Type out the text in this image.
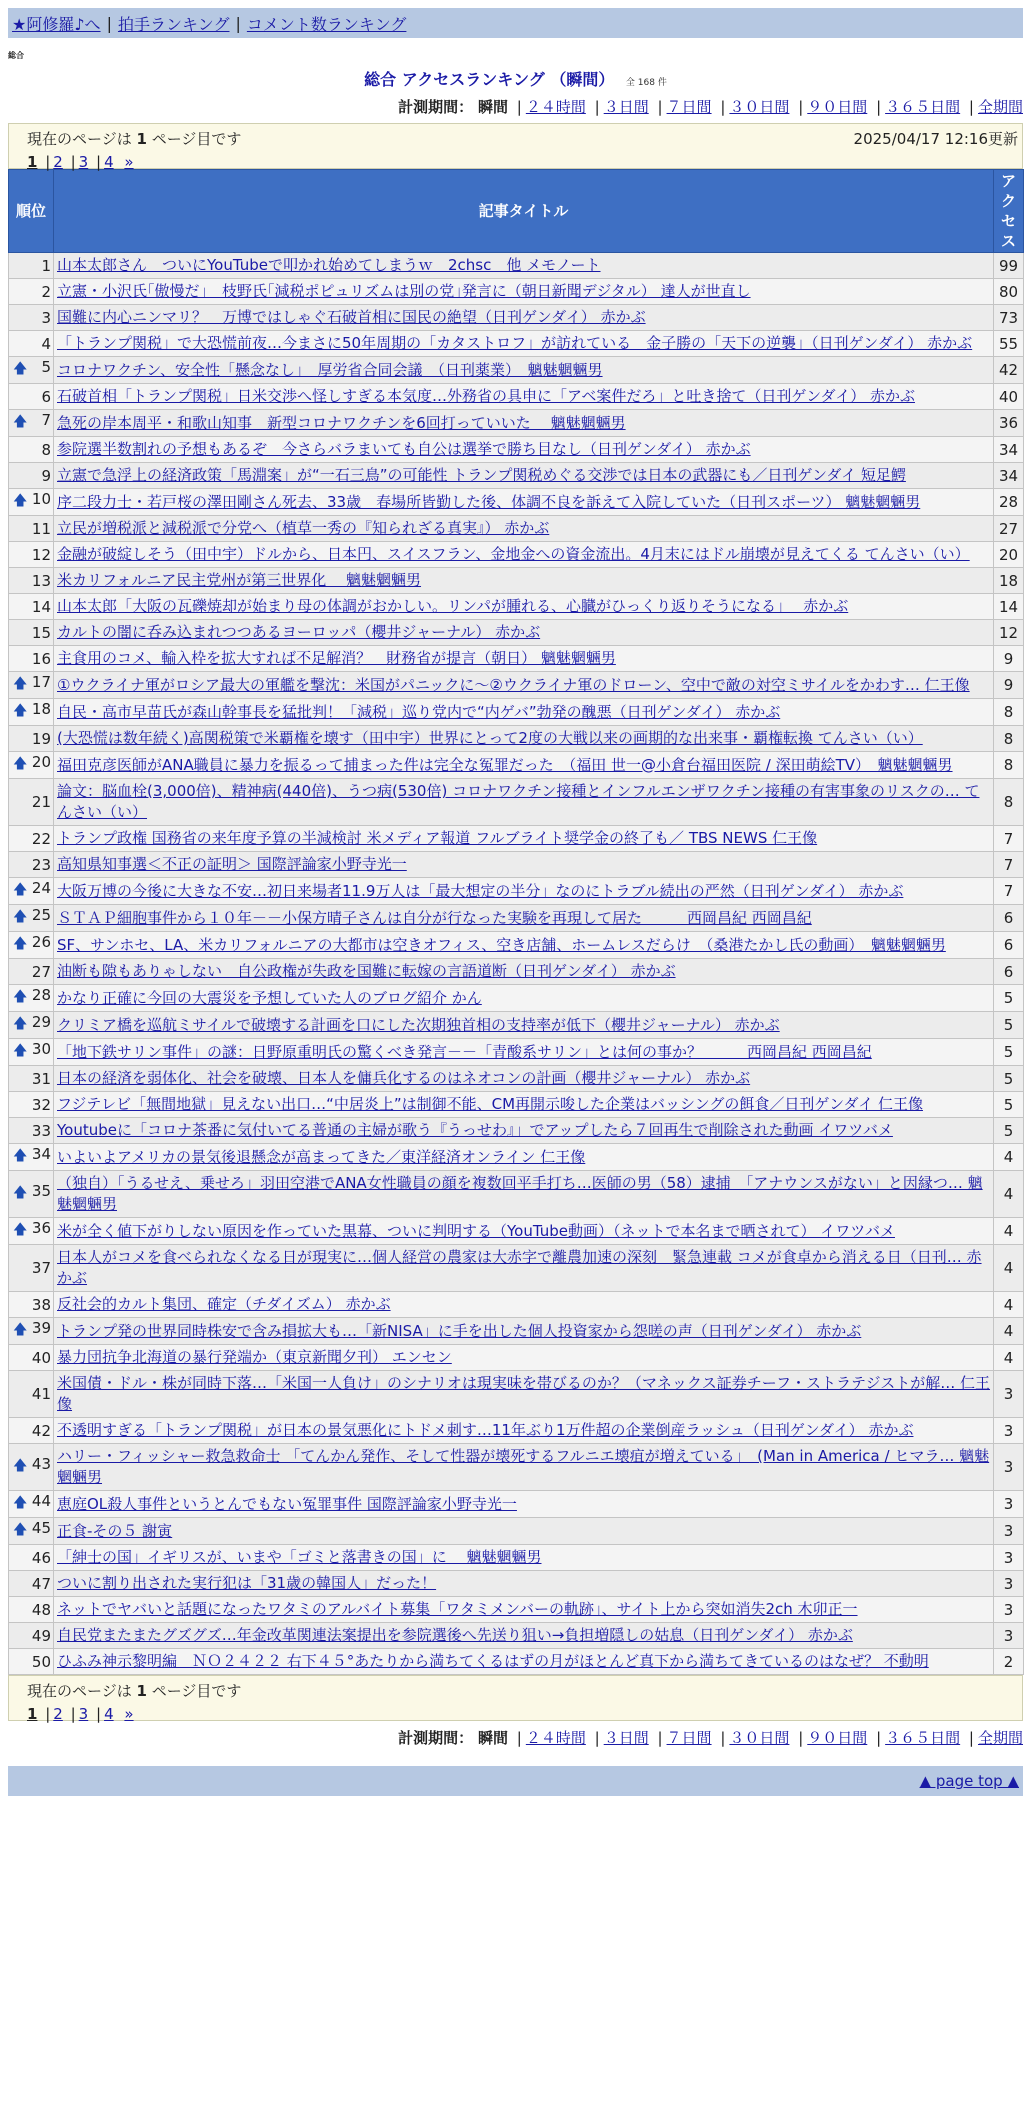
★阿修羅♪へ | 拍手ランキング | コメント数ランキング
総合
総合 アクセスランキング （瞬間） 全 168 件
計測期間： 瞬間 | ２４時間 | ３日間 | ７日間 | ３０日間 | ９０日間 | ３６５日間 | 全期間
現在のページは 1 ページ目です	2025/04/17 12:16更新
1 | 2 | 3 | 4 »
順位	記事タイトル	アクセス
1	山本太郎さん　ついにYouTubeで叩かれ始めてしまうｗ　2chsc　他 メモノート	99
2	立憲・小沢氏｢傲慢だ｣　枝野氏｢減税ポピュリズムは別の党｣発言に（朝日新聞デジタル） 達人が世直し	80
3	国難に内心ニンマリ？　万博ではしゃぐ石破首相に国民の絶望（日刊ゲンダイ） 赤かぶ	73
4	「トランプ関税」で大恐慌前夜…今まさに50年周期の「カタストロフ」が訪れている　金子勝の「天下の逆襲」（日刊ゲンダイ） 赤かぶ	55

🡅 5	コロナワクチン、安全性「懸念なし」　厚労省合同会議　（日刊薬業）　魑魅魍魎男	42
6	石破首相「トランプ関税」日米交渉へ怪しすぎる本気度…外務省の具申に「アベ案件だろ」と吐き捨て（日刊ゲンダイ） 赤かぶ	40

🡅 7	急死の岸本周平・和歌山知事　新型コロナワクチンを6回打っていいた　 魑魅魍魎男	36
8	参院選半数割れの予想もあるぞ　今さらバラまいても自公は選挙で勝ち目なし（日刊ゲンダイ） 赤かぶ	34
9	立憲で急浮上の経済政策「馬淵案」が“一石三鳥”の可能性 トランプ関税めぐる交渉では日本の武器にも／日刊ゲンダイ 短足鰐	34

🡅 10	序二段力士・若戸桜の澤田剛さん死去、33歳　春場所皆勤した後、体調不良を訴えて入院していた（日刊スポーツ） 魑魅魍魎男	28
11	立民が増税派と減税派で分党へ（植草一秀の『知られざる真実』） 赤かぶ	27
12	金融が破綻しそう（田中宇）ドルから、日本円、スイスフラン、金地金への資金流出。4月末にはドル崩壊が見えてくる てんさい（い）	20
13	米カリフォルニア民主党州が第三世界化　 魑魅魍魎男	18
14	山本太郎「大阪の瓦礫焼却が始まり母の体調がおかしい。リンパが腫れる、心臓がひっくり返りそうになる」　 赤かぶ	14
15	カルトの闇に呑み込まれつつあるヨーロッパ（櫻井ジャーナル） 赤かぶ	12
16	主食用のコメ、輸入枠を拡大すれば不足解消？　財務省が提言（朝日） 魑魅魍魎男	9

🡅 17	①ウクライナ軍がロシア最大の軍艦を撃沈：米国がパニックに～②ウクライナ軍のドローン、空中で敵の対空ミサイルをかわす… 仁王像	9

🡅 18	自民・高市早苗氏が森山幹事長を猛批判！「減税」巡り党内で“内ゲバ”勃発の醜悪（日刊ゲンダイ） 赤かぶ	8
19	(大恐慌は数年続く)高関税策で米覇権を壊す（田中宇）世界にとって2度の大戦以来の画期的な出来事・覇権転換 てんさい（い）	8

🡅 20	福田克彦医師がANA職員に暴力を振るって捕まった件は完全な冤罪だった　（福田 世一@小倉台福田医院 / 深田萌絵TV）　魑魅魍魎男	8
21	論文：脳血栓(3,000倍)、精神病(440倍)、うつ病(530倍) コロナワクチン接種とインフルエンザワクチン接種の有害事象のリスクの… てんさい（い）	8
22	トランプ政権 国務省の来年度予算の半減検討 米メディア報道 フルブライト奨学金の終了も／ TBS NEWS 仁王像	7
23	高知県知事選＜不正の証明＞ 国際評論家小野寺光一	7

🡅 24	大阪万博の今後に大きな不安…初日来場者11.9万人は「最大想定の半分」なのにトラブル続出の严然（日刊ゲンダイ） 赤かぶ	7

🡅 25	ＳＴＡＰ細胞事件から１０年－－小保方晴子さんは自分が行なった実験を再現して居た　　　西岡昌紀 西岡昌紀	6

🡅 26	SF、サンホセ、LA、米カリフォルニアの大都市は空きオフィス、空き店舗、ホームレスだらけ　（桑港たかし氏の動画）　魑魅魍魎男	6
27	油断も隙もありゃしない　自公政権が失政を国難に転嫁の言語道断（日刊ゲンダイ） 赤かぶ	6

🡅 28	かなり正確に今回の大震災を予想していた人のブログ紹介 かん	5

🡅 29	クリミア橋を巡航ミサイルで破壊する計画を口にした次期独首相の支持率が低下（櫻井ジャーナル） 赤かぶ	5

🡅 30	「地下鉄サリン事件」の謎：日野原重明氏の驚くべき発言－－「青酸系サリン」とは何の事か？　　　西岡昌紀 西岡昌紀	5
31	日本の経済を弱体化、社会を破壊、日本人を傭兵化するのはネオコンの計画（櫻井ジャーナル） 赤かぶ	5
32	フジテレビ「無間地獄」見えない出口…“中居炎上”は制御不能、CM再開示唆した企業はバッシングの餌食／日刊ゲンダイ 仁王像	5
33	Youtubeに「コロナ茶番に気付いてる普通の主婦が歌う『うっせわ』」でアップしたら７回再生で削除された動画 イワツバメ	5

🡅 34	いよいよアメリカの景気後退懸念が高まってきた／東洋経済オンライン 仁王像	4

🡅 35	（独自）「うるせえ、乗せろ」羽田空港でANA女性職員の顔を複数回平手打ち…医師の男（58）逮捕　「アナウンスがない」と因縁つ… 魑魅魍魎男	4

🡅 36	米が全く値下がりしない原因を作っていた黒幕、ついに判明する（YouTube動画）（ネットで本名まで晒されて） イワツバメ	4
37	日本人がコメを食べられなくなる日が現実に…個人経営の農家は大赤字で離農加速の深刻　緊急連載 コメが食卓から消える日（日刊… 赤かぶ	4
38	反社会的カルト集団、確定（チダイズム） 赤かぶ	4

🡅 39	トランプ発の世界同時株安で含み損拡大も…「新NISA」に手を出した個人投資家から怨嗟の声（日刊ゲンダイ） 赤かぶ	4
40	暴力団抗争北海道の暴行発端か（東京新聞夕刊） エンセン	4
41	米国債・ドル・株が同時下落…「米国一人負け」のシナリオは現実味を帯びるのか？（マネックス証券チーフ・ストラテジストが解… 仁王像	3
42	不透明すぎる「トランプ関税」が日本の景気悪化にトドメ刺す…11年ぶり1万件超の企業倒産ラッシュ（日刊ゲンダイ） 赤かぶ	3

🡅 43	ハリー・フィッシャー救急救命士 「てんかん発作、そして性器が壊死するフルニエ壊疽が増えている」　(Man in America / ヒマラ… 魑魅魍魎男	3

🡅 44	恵庭OL殺人事件というとんでもない冤罪事件 国際評論家小野寺光一	3

🡅 45	正食-その５ 謝寅	3
46	「紳士の国」イギリスが、いまや「ゴミと落書きの国」に　 魑魅魍魎男	3
47	ついに割り出された実行犯は「31歳の韓国人」だった！	3
48	ネットでヤバいと話題になったワタミのアルバイト募集「ワタミメンバーの軌跡」、サイト上から突如消失2ch 木卯正一	3
49	自民党またまたグズグズ…年金改革関連法案提出を参院選後へ先送り狙い→負担増隠しの姑息（日刊ゲンダイ） 赤かぶ	3
50	ひふみ神示黎明編　ＮＯ２４２２ 右下４５°あたりから満ちてくるはずの月がほとんど真下から満ちてきているのはなぜ？ 不動明	2
現在のページは 1 ページ目です
1 | 2 | 3 | 4 »
計測期間： 瞬間 | ２４時間 | ３日間 | ７日間 | ３０日間 | ９０日間 | ３６５日間 | 全期間
▲ page top ▲
